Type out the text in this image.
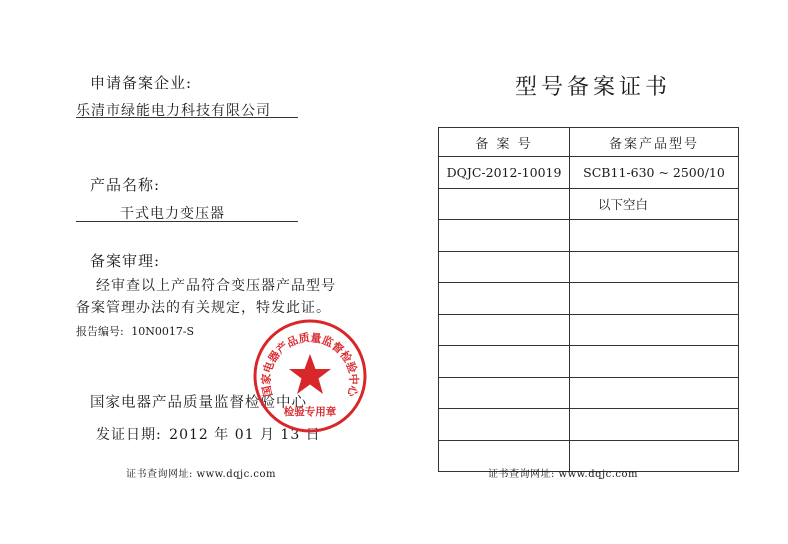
申请备案企业:
乐清市绿能电力科技有限公司
产品名称:
干式电力变压器
备案审理:
经审查以上产品符合变压器产品型号
备案管理办法的有关规定，特发此证。
报告编号: 10N0017-S
国家电器产品质量监督检验中心
发证日期: 2012 年 01 月 13 日
证书查询网址: www.dqjc.com
国家电器产品质量监督检验中心
检验专用章
型号备案证书
备 案 号	备案产品型号
DQJC-2012-10019	SCB11-630 ~ 2500/10
	以下空白

证书查询网址: www.dqjc.com
